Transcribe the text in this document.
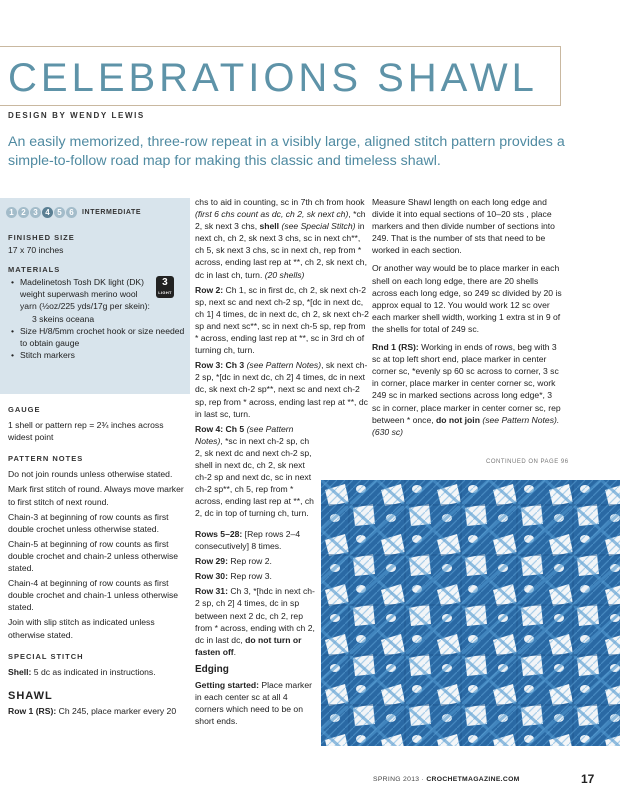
CELEBRATIONS SHAWL
DESIGN BY WENDY LEWIS
An easily memorized, three-row repeat in a visibly large, aligned stitch pattern provides a simple-to-follow road map for making this classic and timeless shawl.
1 2 3 4 5 6	INTERMEDIATE
FINISHED SIZE

17 x 70 inches

MATERIALS
• Madelinetosh Tosh DK light (DK) weight superwash merino wool yarn (½oz/225 yds/17g per skein):
3 skeins oceana
• Size H/8/5mm crochet hook or size needed to obtain gauge
• Stitch markers
3
LIGHT
GAUGE

1 shell or pattern rep = 2¾ inches across widest point

PATTERN NOTES

Do not join rounds unless otherwise stated.

Mark first stitch of round. Always move marker to first stitch of next round.

Chain-3 at beginning of row counts as first double crochet unless otherwise stated.

Chain-5 at beginning of row counts as first double crochet and chain-2 unless otherwise stated.

Chain-4 at beginning of row counts as first double crochet and chain-1 unless otherwise stated.

Join with slip stitch as indicated unless otherwise stated.

SPECIAL STITCH

Shell: 5 dc as indicated in instructions.

SHAWL

Row 1 (RS): Ch 245, place marker every 20

chs to aid in counting, sc in 7th ch from hook (first 6 chs count as dc, ch 2, sk next ch), *ch 2, sk next 3 chs, shell (see Special Stitch) in next ch, ch 2, sk next 3 chs, sc in next ch**, ch 5, sk next 3 chs, sc in next ch, rep from * across, ending last rep at **, ch 2, sk next ch, dc in last ch, turn. (20 shells)

Row 2: Ch 1, sc in first dc, ch 2, sk next ch-2 sp, next sc and next ch-2 sp, *[dc in next dc, ch 1] 4 times, dc in next dc, ch 2, sk next ch-2 sp and next sc**, sc in next ch-5 sp, rep from * across, ending last rep at **, sc in 3rd ch of turning ch, turn.

Row 3: Ch 3 (see Pattern Notes), sk next ch-2 sp, *[dc in next dc, ch 2] 4 times, dc in next dc, sk next ch-2 sp**, next sc and next ch-2 sp, rep from * across, ending last rep at **, dc in last sc, turn.

Row 4: Ch 5 (see Pattern Notes), *sc in next ch-2 sp, ch 2, sk next dc and next ch-2 sp, shell in next dc, ch 2, sk next ch-2 sp and next dc, sc in next ch-2 sp**, ch 5, rep from * across, ending last rep at **, ch 2, dc in top of turning ch, turn.

Rows 5–28: [Rep rows 2–4 consecutively] 8 times.

Row 29: Rep row 2.

Row 30: Rep row 3.

Row 31: Ch 3, *[hdc in next ch-2 sp, ch 2] 4 times, dc in sp between next 2 dc, ch 2, rep from * across, ending with ch 2, dc in last dc, do not turn or fasten off.

Edging

Getting started: Place marker in each center sc at all 4 corners which need to be on short ends.

Measure Shawl length on each long edge and divide it into equal sections of 10–20 sts , place markers and then divide number of sections into 249. That is the number of sts that need to be worked in each section.

Or another way would be to place marker in each shell on each long edge, there are 20 shells across each long edge, so 249 sc divided by 20 is approx equal to 12. You would work 12 sc over each marker shell width, working 1 extra st in 9 of the shells for total of 249 sc.

Rnd 1 (RS): Working in ends of rows, beg with 3 sc at top left short end, place marker in center corner sc, *evenly sp 60 sc across to corner, 3 sc in corner, place marker in center corner sc, work 249 sc in marked sections across long edge*, 3 sc in corner, place marker in center corner sc, rep between * once, do not join (see Pattern Notes). (630 sc)

CONTINUED ON PAGE 96
SPRING 2013 · CROCHETMAGAZINE.COM	17
